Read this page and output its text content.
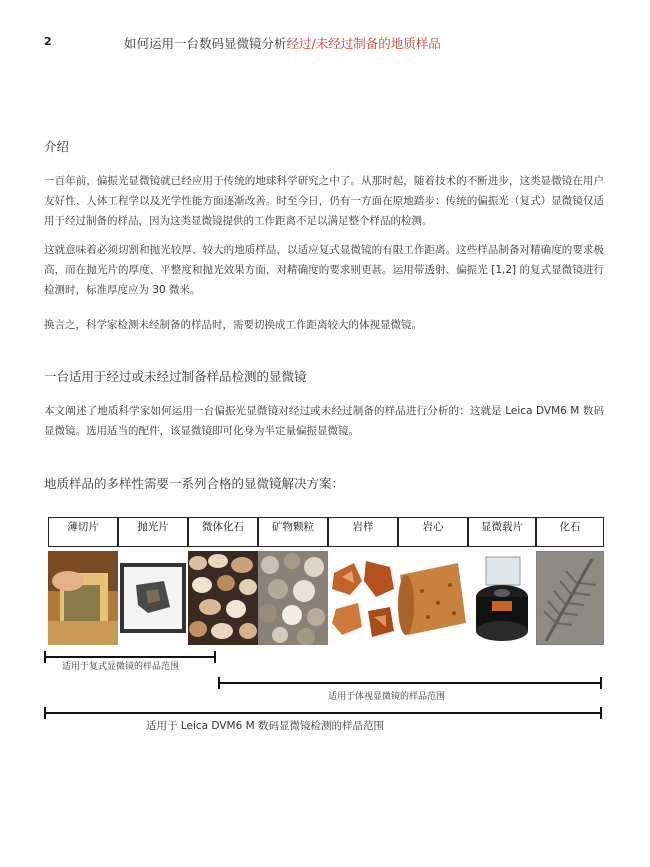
2	如何运用一台数码显微镜分析经过/未经过制备的地质样品
介绍
一百年前，偏振光显微镜就已经应用于传统的地球科学研究之中了。从那时起，随着技术的不断进步，这类显微镜在用户友好性、人体工程学以及光学性能方面逐渐改善。时至今日，仍有一方面在原地踏步：传统的偏振光（复式）显微镜仅适用于经过制备的样品，因为这类显微镜提供的工作距离不足以满足整个样品的检测。
这就意味着必须切割和抛光较厚、较大的地质样品，以适应复式显微镜的有限工作距离。这些样品制备对精确度的要求极高，而在抛光片的厚度、平整度和抛光效果方面，对精确度的要求则更甚。运用带透射、偏振光 [1,2] 的复式显微镜进行检测时，标准厚度应为 30 微米。
换言之，科学家检测未经制备的样品时，需要切换成工作距离较大的体视显微镜。
一台适用于经过或未经过制备样品检测的显微镜
本文阐述了地质科学家如何运用一台偏振光显微镜对经过或未经过制备的样品进行分析的：这就是 Leica DVM6 M 数码显微镜。选用适当的配件，该显微镜即可化身为半定量偏振显微镜。
地质样品的多样性需要一系列合格的显微镜解决方案：
薄切片	抛光片	微体化石	矿物颗粒	岩样	岩心	显微载片	化石
适用于复式显微镜的样品范围
适用于体视显微镜的样品范围
适用于 Leica DVM6 M 数码显微镜检测的样品范围
